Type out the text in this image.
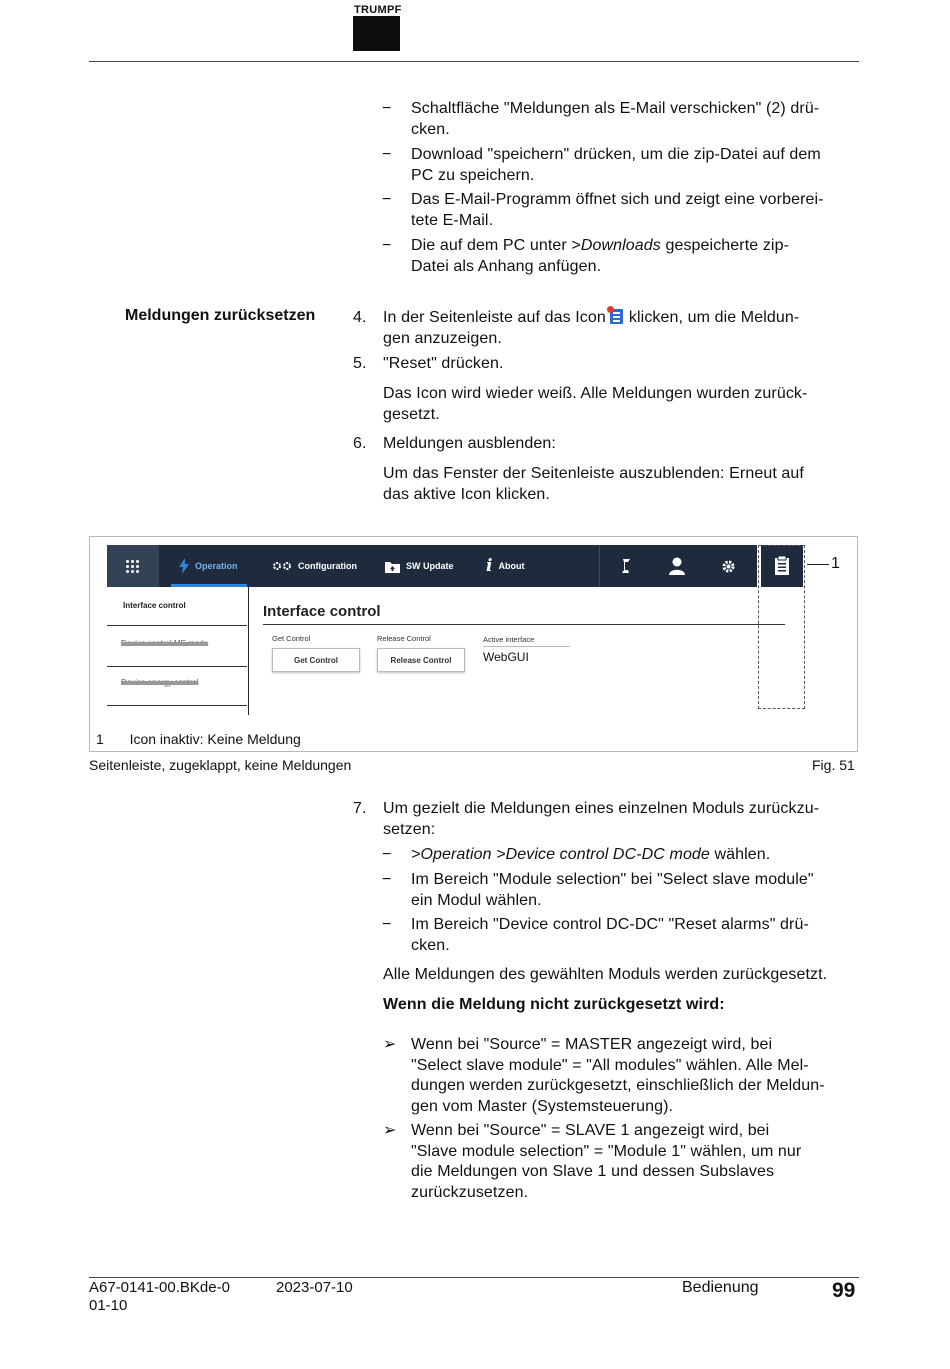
TRUMPF
− Schaltfläche "Meldungen als E-Mail verschicken" (2) drü-
cken.
− Download "speichern" drücken, um die zip-Datei auf dem
PC zu speichern.
− Das E-Mail-Programm öffnet sich und zeigt eine vorberei-
tete E-Mail.
− Die auf dem PC unter >Downloads gespeicherte zip-
Datei als Anhang anfügen.
Meldungen zurücksetzen 4. In der Seitenleiste auf das Icon klicken, um die Meldun-
gen anzuzeigen.
5. "Reset" drücken.
Das Icon wird wieder weiß. Alle Meldungen wurden zurück-
gesetzt.
6. Meldungen ausblenden:
Um das Fenster der Seitenleiste auszublenden: Erneut auf
das aktive Icon klicken.
Operation	Configuration	SW Update i About
Interface control
Device control ME mode
Device energy control
Interface control
Get Control
Get Control
Release Control
Release Control
Active interface
WebGUI
1
1 Icon inaktiv: Keine Meldung
Seitenleiste, zugeklappt, keine Meldungen	Fig. 51
7. Um gezielt die Meldungen eines einzelnen Moduls zurückzu-
setzen:
− >Operation >Device control DC-DC mode wählen.
− Im Bereich "Module selection" bei "Select slave module"
ein Modul wählen.
− Im Bereich "Device control DC-DC" "Reset alarms" drü-
cken.
Alle Meldungen des gewählten Moduls werden zurückgesetzt.
Wenn die Meldung nicht zurückgesetzt wird:
➢ Wenn bei "Source" = MASTER angezeigt wird, bei
"Select slave module" = "All modules" wählen. Alle Mel-
dungen werden zurückgesetzt, einschließlich der Meldun-
gen vom Master (Systemsteuerung).
➢ Wenn bei "Source" = SLAVE 1 angezeigt wird, bei
"Slave module selection" = "Module 1" wählen, um nur
die Meldungen von Slave 1 und dessen Subslaves
zurückzusetzen.
A67-0141-00.BKde-0
01-10
2023-07-10	Bedienung	99
